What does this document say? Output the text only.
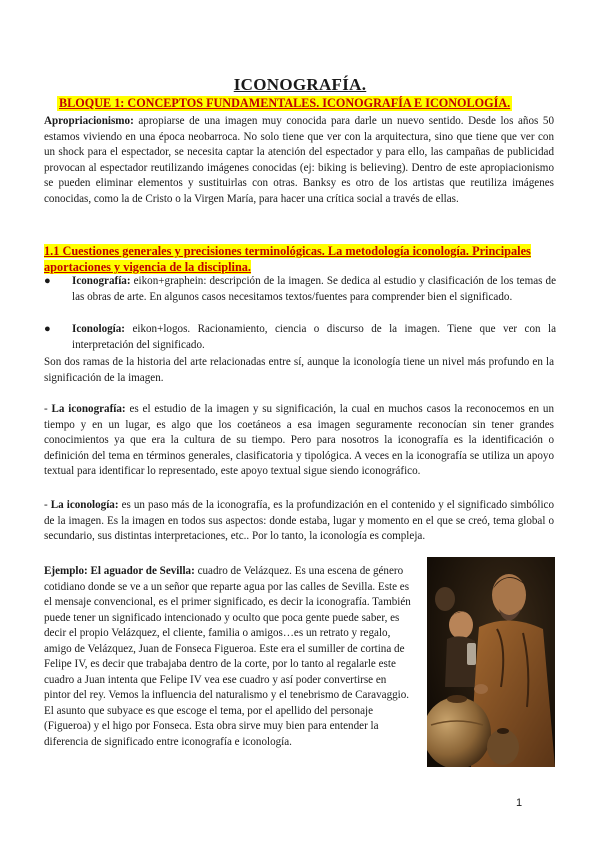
ICONOGRAFÍA.
BLOQUE 1: CONCEPTOS FUNDAMENTALES. ICONOGRAFÍA E ICONOLOGÍA.
Apropriacionismo: apropiarse de una imagen muy conocida para darle un nuevo sentido. Desde los años 50 estamos viviendo en una época neobarroca. No solo tiene que ver con la arquitectura, sino que tiene que ver con un shock para el espectador, se necesita captar la atención del espectador y para ello, las campañas de publicidad provocan al espectador reutilizando imágenes conocidas (ej: biking is believing). Dentro de este apropiacionismo se pueden eliminar elementos y sustituirlas con otras. Banksy es otro de los artistas que reutiliza imágenes conocidas, como la de Cristo o la Virgen María, para hacer una crítica social a través de ellas.
1.1 Cuestiones generales y precisiones terminológicas. La metodología iconología. Principales aportaciones y vigencia de la disciplina.
●	Iconografía: eikon+graphein: descripción de la imagen. Se dedica al estudio y clasificación de los temas de las obras de arte. En algunos casos necesitamos textos/fuentes para comprender bien el significado.
●	Iconología: eikon+logos. Racionamiento, ciencia o discurso de la imagen. Tiene que ver con la interpretación del significado.
Son dos ramas de la historia del arte relacionadas entre sí, aunque la iconología tiene un nivel más profundo en la significación de la imagen.
- La iconografía: es el estudio de la imagen y su significación, la cual en muchos casos la reconocemos en un tiempo y en un lugar, es algo que los coetáneos a esa imagen seguramente reconocían sin tener grandes conocimientos ya que era la cultura de su tiempo. Pero para nosotros la iconografía es la identificación o definición del tema en términos generales, clasificatoria y tipológica. A veces en la iconografía se utiliza un apoyo textual para identificar lo representado, este apoyo textual sigue siendo iconográfico.
- La iconología: es un paso más de la iconografía, es la profundización en el contenido y el significado simbólico de la imagen. Es la imagen en todos sus aspectos: donde estaba, lugar y momento en el que se creó, tema global o secundario, sus distintas interpretaciones, etc.. Por lo tanto, la iconología es compleja.
Ejemplo: El aguador de Sevilla: cuadro de Velázquez. Es una escena de género cotidiano donde se ve a un señor que reparte agua por las calles de Sevilla. Este es el mensaje convencional, es el primer significado, es decir la iconografía. También puede tener un significado intencionado y oculto que poca gente puede saber, es decir el propio Velázquez, el cliente, familia o amigos…es un retrato y regalo, amigo de Velázquez, Juan de Fonseca Figueroa. Este era el sumiller de cortina de Felipe IV, es decir que trabajaba dentro de la corte, por lo tanto al regalarle este cuadro a Juan intenta que Felipe IV vea ese cuadro y así poder convertirse en pintor del rey. Vemos la influencia del naturalismo y el tenebrismo de Caravaggio. El asunto que subyace es que escoge el tema, por el apellido del personaje (Figueroa) y el higo por Fonseca. Esta obra sirve muy bien para entender la diferencia de significado entre iconografía e iconología.
1
